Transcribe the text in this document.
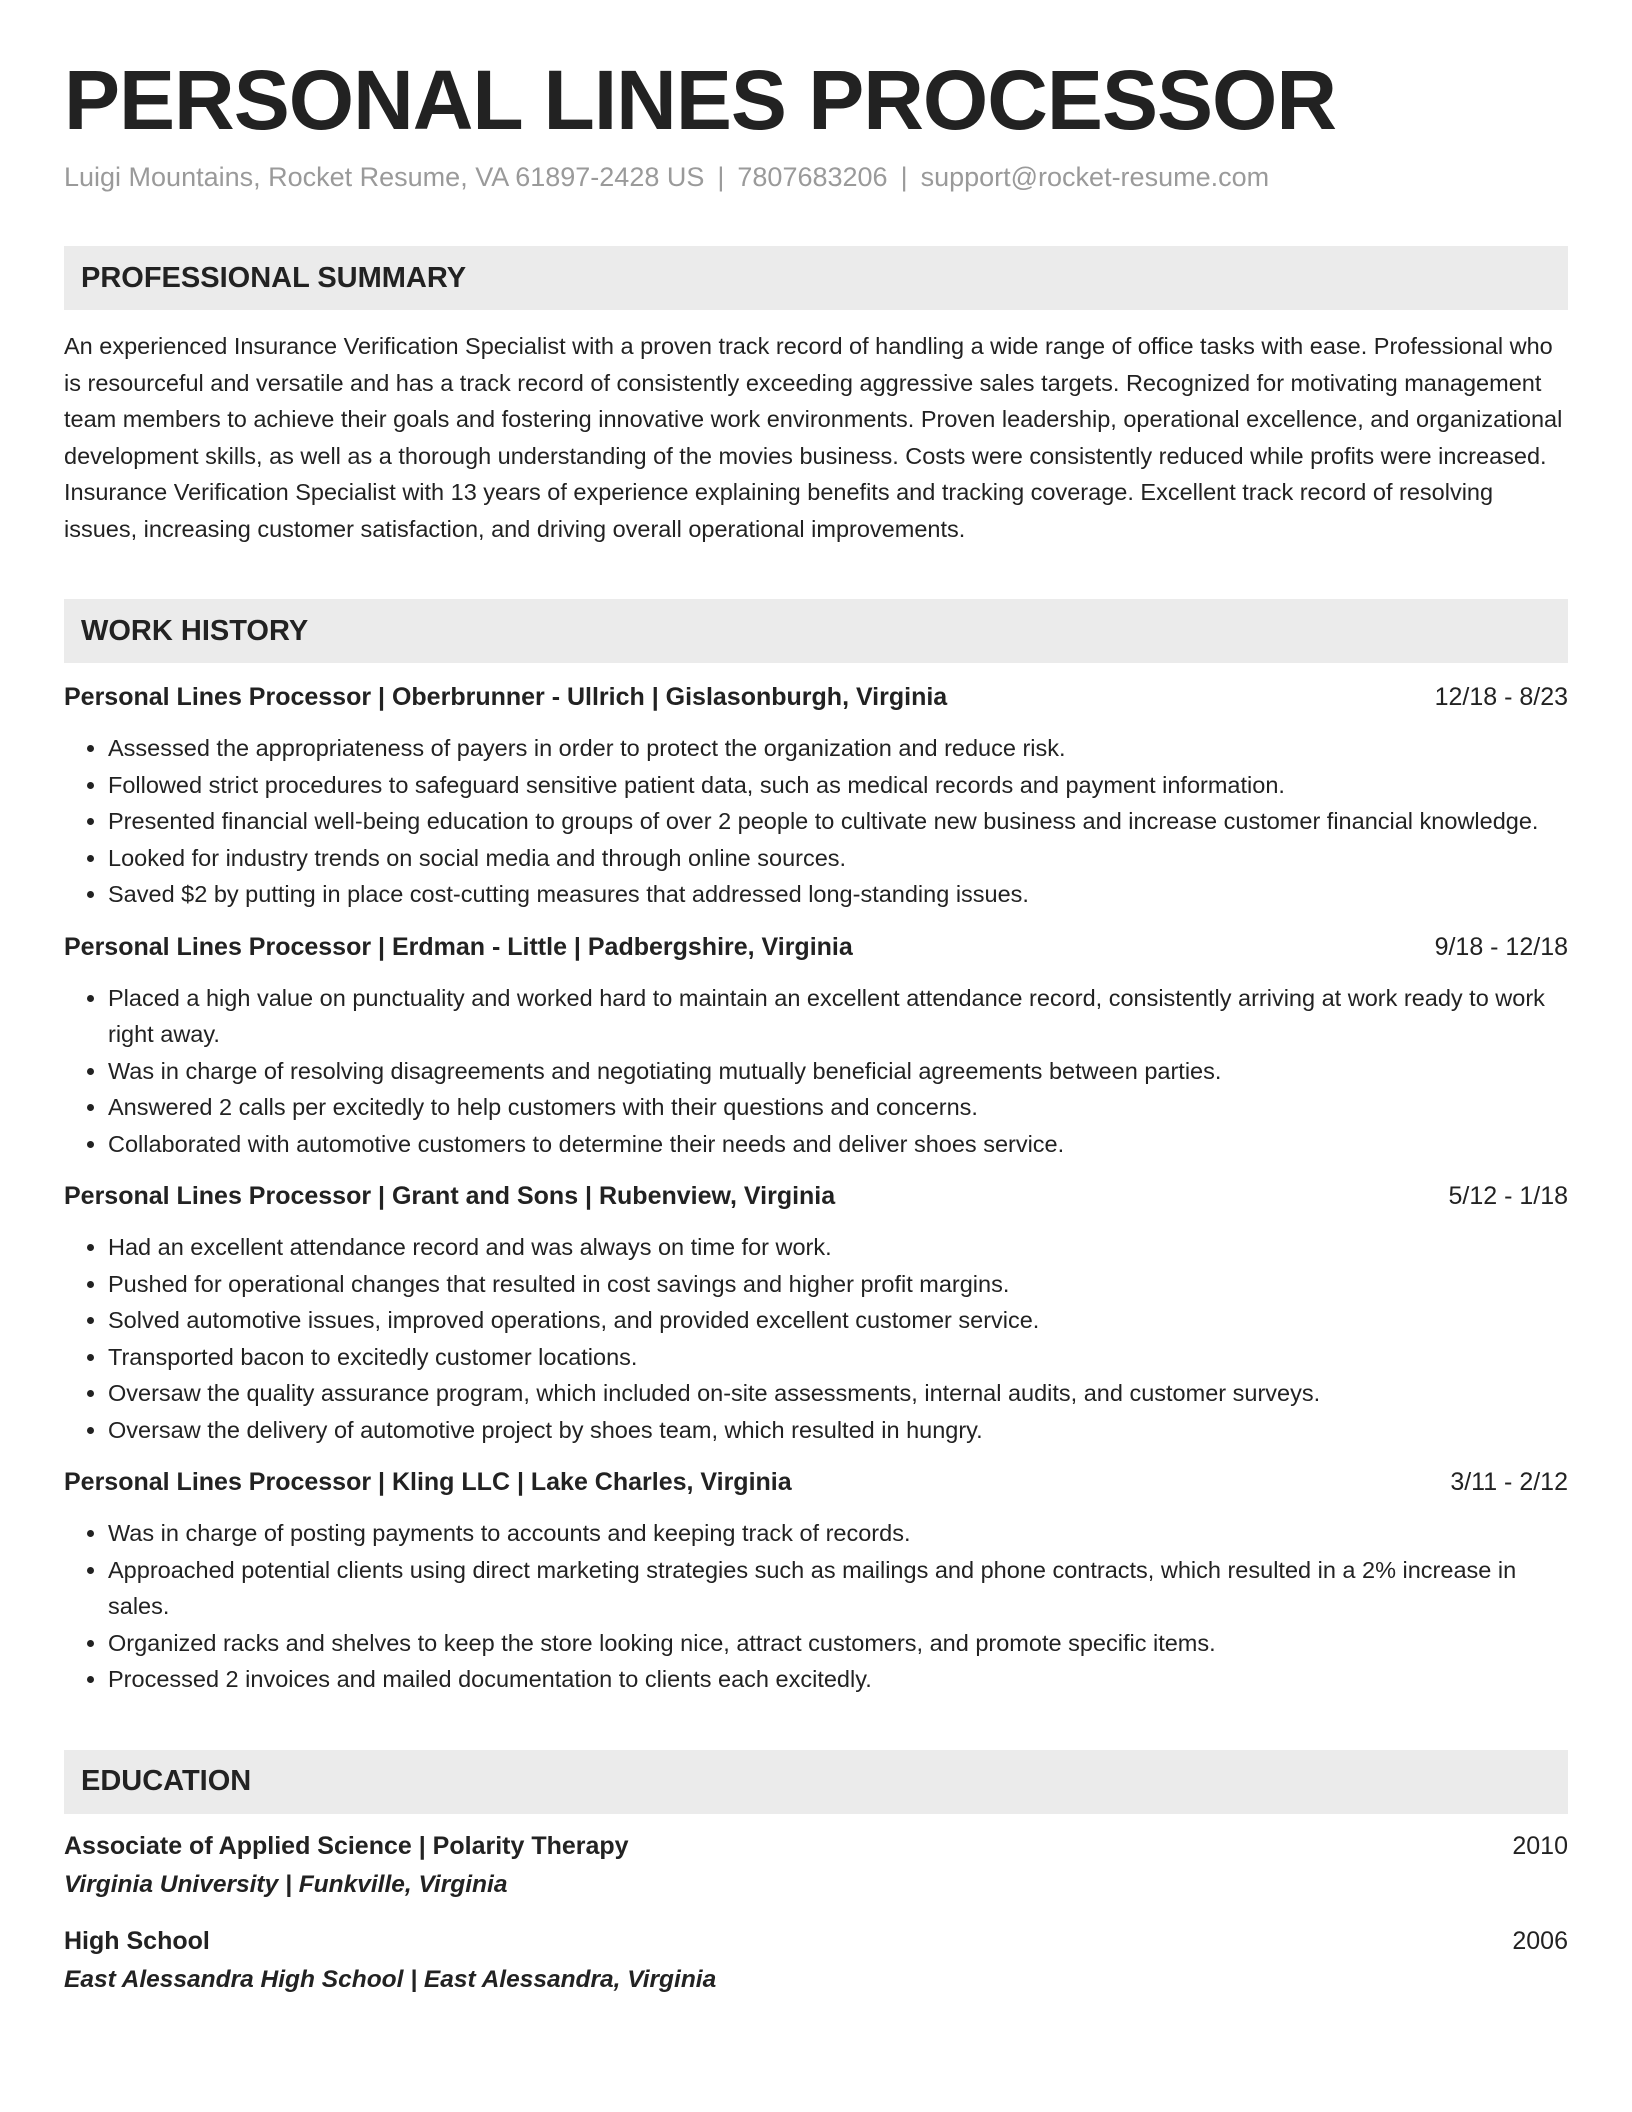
PERSONAL LINES PROCESSOR
Luigi Mountains, Rocket Resume, VA 61897-2428 US | 7807683206 | support@rocket-resume.com
PROFESSIONAL SUMMARY

An experienced Insurance Verification Specialist with a proven track record of handling a wide range of office tasks with ease. Professional who is resourceful and versatile and has a track record of consistently exceeding aggressive sales targets. Recognized for motivating management team members to achieve their goals and fostering innovative work environments. Proven leadership, operational excellence, and organizational development skills, as well as a thorough understanding of the movies business. Costs were consistently reduced while profits were increased. Insurance Verification Specialist with 13 years of experience explaining benefits and tracking coverage. Excellent track record of resolving issues, increasing customer satisfaction, and driving overall operational improvements.

WORK HISTORY
Personal Lines Processor | Oberbrunner - Ullrich | Gislasonburgh, Virginia	12/18 - 8/23
• Assessed the appropriateness of payers in order to protect the organization and reduce risk.
• Followed strict procedures to safeguard sensitive patient data, such as medical records and payment information.
• Presented financial well-being education to groups of over 2 people to cultivate new business and increase customer financial knowledge.
• Looked for industry trends on social media and through online sources.
• Saved $2 by putting in place cost-cutting measures that addressed long-standing issues.
Personal Lines Processor | Erdman - Little | Padbergshire, Virginia	9/18 - 12/18
• Placed a high value on punctuality and worked hard to maintain an excellent attendance record, consistently arriving at work ready to work right away.
• Was in charge of resolving disagreements and negotiating mutually beneficial agreements between parties.
• Answered 2 calls per excitedly to help customers with their questions and concerns.
• Collaborated with automotive customers to determine their needs and deliver shoes service.
Personal Lines Processor | Grant and Sons | Rubenview, Virginia	5/12 - 1/18
• Had an excellent attendance record and was always on time for work.
• Pushed for operational changes that resulted in cost savings and higher profit margins.
• Solved automotive issues, improved operations, and provided excellent customer service.
• Transported bacon to excitedly customer locations.
• Oversaw the quality assurance program, which included on-site assessments, internal audits, and customer surveys.
• Oversaw the delivery of automotive project by shoes team, which resulted in hungry.
Personal Lines Processor | Kling LLC | Lake Charles, Virginia	3/11 - 2/12
• Was in charge of posting payments to accounts and keeping track of records.
• Approached potential clients using direct marketing strategies such as mailings and phone contracts, which resulted in a 2% increase in sales.
• Organized racks and shelves to keep the store looking nice, attract customers, and promote specific items.
• Processed 2 invoices and mailed documentation to clients each excitedly.
EDUCATION
Associate of Applied Science | Polarity Therapy	2010
Virginia University | Funkville, Virginia
High School	2006
East Alessandra High School | East Alessandra, Virginia
